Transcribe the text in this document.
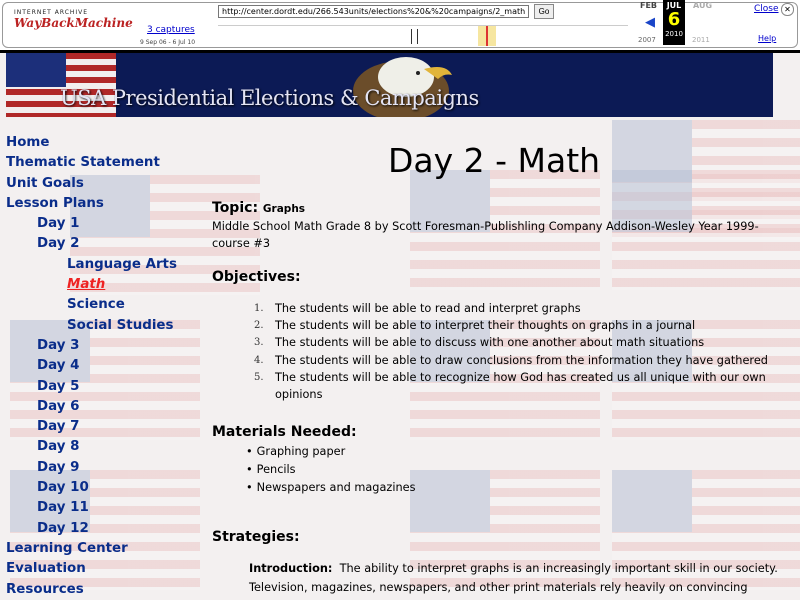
INTERNET ARCHIVE
WayBackMachine 3 captures
9 Sep 06 - 6 Jul 10
http://center.dordt.edu/266.543units/elections%20&%20campaigns/2_math.html
Go
FEB
◀
2007
JUL
6
2010
AUG
2011
Close ✕
Help
USA Presidential Elections & Campaigns
Home
Thematic Statement
Unit Goals
Lesson Plans
Day 1
Day 2
Language Arts
Math
Science
Social Studies
Day 3
Day 4
Day 5
Day 6
Day 7
Day 8
Day 9
Day 10
Day 11
Day 12
Learning Center
Evaluation
Resources
Day 2 - Math
Topic: Graphs
Middle School Math Grade 8 by Scott Foresman-Publishling Company Addison-Wesley Year 1999-course #3
Objectives:
1. The students will be able to read and interpret graphs
2. The students will be able to interpret their thoughts on graphs in a journal
3. The students will be able to discuss with one another about math situations
4. The students will be able to draw conclusions from the information they have gathered
5. The students will be able to recognize how God has created us all unique with our own opinions
Materials Needed:
• Graphing paper
• Pencils
• Newspapers and magazines
Strategies:
Introduction: The ability to interpret graphs is an increasingly important skill in our society. Television, magazines, newspapers, and other print materials rely heavily on convincing
